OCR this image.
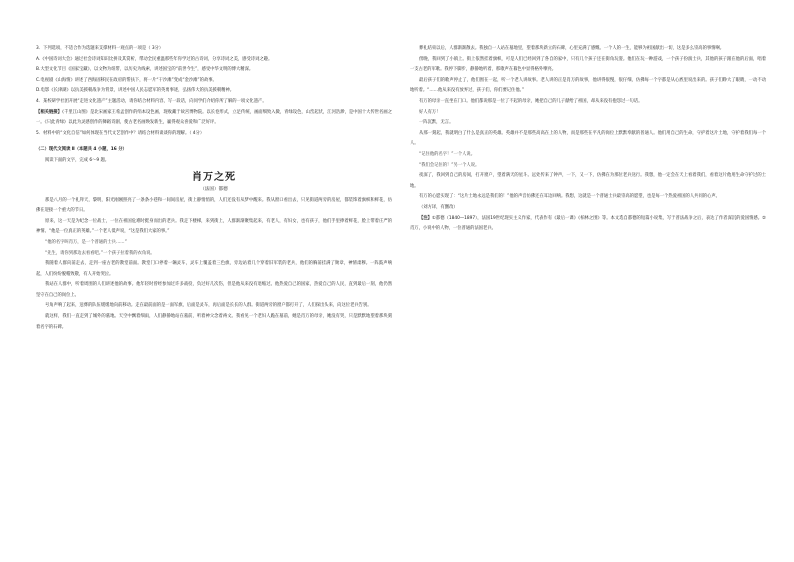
3．下列选项，不适合作为选题来支撑材料一观点的一项是（ 3分）

A.《中国诗词大会》通过社会诗词知识比拼及其赏析，带动全民重温那些年你学过的古诗词，分享诗词之美，感受诗词之趣。

B.大型文化节目《国家宝藏》，以文物为纽带，以历史为线索，讲述国宝的“前世今生”，感受中华文明的博大精深。

C.电视剧《山海情》讲述了西海固移民在政府的帮扶下，将一片“干沙滩”变成“金沙滩”的故事。

D.电影《长津湖》以抗美援朝战争为背景，讲述中国人民志愿军的英勇事迹，弘扬伟大的抗美援朝精神。

4．某校研学社团开展“走进文化遗产”主题活动，请你结合材料内容，写一段话，向同学们介绍你所了解的一项文化遗产。

【相关链接】《千里江山图》是北宋画家王希孟创作的绢本设色画，现收藏于故宫博物院。以长卷形式，立足传统，画面细致入微，青绿设色，山峦起伏，江河浩渺，是中国十大传世名画之一。《只此青绿》以此为灵感创作的舞蹈诗剧，使古老名画焕发新生，赢得观众喜爱和广泛好评。

5．材料中的“文化自信”如何体现在当代文艺创作中？请结合材料谈谈你的理解。（ 4分）

（二）现代文阅读 Ⅱ（本题共 4 小题，16 分）

阅读下面的文字，完成 6～9 题。

肖万之死
（法国）都德

那是八月的一个礼拜天，黎明，阳光刚刚照亮了一条条小巷和一间间房屋，街上静悄悄的，人们还没有从梦中醒来。我从窗口看出去，只见街道两旁的房屋，都装饰着旗帜和鲜花，仿佛在迎接一个重大的节日。

原来，这一天是为纪念一位战士，一位在祖国危难时挺身而出的老兵。我走下楼梯，来到街上，人群渐渐聚集起来，有老人，有妇女，也有孩子，他们手里捧着鲜花，脸上带着庄严的神情。“他是一位真正的英雄。”一个老人低声说，“这是我们大家的事。”

“他的名字叫肖万，是一个普通的士兵……”

“先生，请你到那边去看看吧。”一个孩子拉着我的衣角说。

我随着人群向前走去，走到一座古老的教堂前面。教堂门口停着一辆灵车，灵车上覆盖着三色旗，旁边站着几个穿着旧军装的老兵，他们的胸前挂满了勋章，神情肃穆。一阵鼓声响起，人们纷纷脱帽致敬，有人开始哭泣。

我站在人群中，听着周围的人们讲述他的故事。他年轻时曾经参加过许多战役，负过好几次伤，但是他从来没有退缩过。他热爱自己的国家，热爱自己的人民，直到最后一刻，他仍然坚守在自己的岗位上。

号角声响了起来，送葬的队伍缓缓地向前移动。走在最前面的是一面军旗，后面是灵车，再后面是长长的人群。街道两旁的窗户都打开了，人们探出头来，向这位老兵告别。

就这样，我们一直走到了城外的墓地。天空中飘着细雨，人们静静地站在墓前，听着神父念着祷文。我看见一个老妇人跪在墓前，她是肖万的母亲，她没有哭，只是默默地望着那块刻着名字的石碑。

葬礼结束以后，人群渐渐散去。我独自一人站在墓地里，望着那块新立的石碑，心里充满了感慨。一个人的一生，能够为祖国献出一切，这是多么崇高的事情啊。

傍晚，我回到了小镇上。街上依然挂着旗帜，可是人们已经回到了各自的家中，只有几个孩子还在街角玩耍。他们在玩一种游戏，一个孩子扮演士兵，其他的孩子跟在他的后面，唱着一支古老的军歌。我停下脚步，静静地听着，那歌声在暮色中显得格外嘹亮。

最后孩子们的歌声停止了，他们围在一起，听一个老人讲故事。老人讲的正是肖万的故事，他讲得很慢，很仔细，仿佛每一个字都是从心底里说出来的。孩子们睁大了眼睛，一动不动地听着。“……他从来没有放弃过，孩子们，你们要记住他。”

有万的母亲一直坐在门口。他们都说那是一位了不起的母亲，她把自己的儿子献给了祖国，却从来没有抱怨过一句话。

好人有万！

一阵沉默，无言。

从那一刻起，我就明白了什么是真正的英雄。英雄并不是那些高高在上的人物，而是那些在平凡的岗位上默默奉献的普通人。他们用自己的生命，守护着这片土地，守护着我们每一个人。

“记住他的名字！”一个人说。

“我们会记住的！”另一个人说。

夜深了，我回到自己的房间，打开窗户，望着满天的星斗。远处传来了钟声，一下，又一下，仿佛在为那位老兵送行。我想，他一定会在天上看着我们，看着这片他用生命守护过的土地。

有万的心愿实现了：“这片土地永远是我们的！”他的声音仿佛还在耳边回响。我想，这就是一个普通士兵最崇高的愿望，也是每一个热爱祖国的人共同的心声。

（刘方译，有删改）

【注】①都德（1840—1897），法国19世纪现实主义作家，代表作有《最后一课》《柏林之围》等。本文选自都德的短篇小说集，写于普法战争之后，表达了作者深沉的爱国情感。②肖万，小说中的人物，一位普通的法国老兵。
